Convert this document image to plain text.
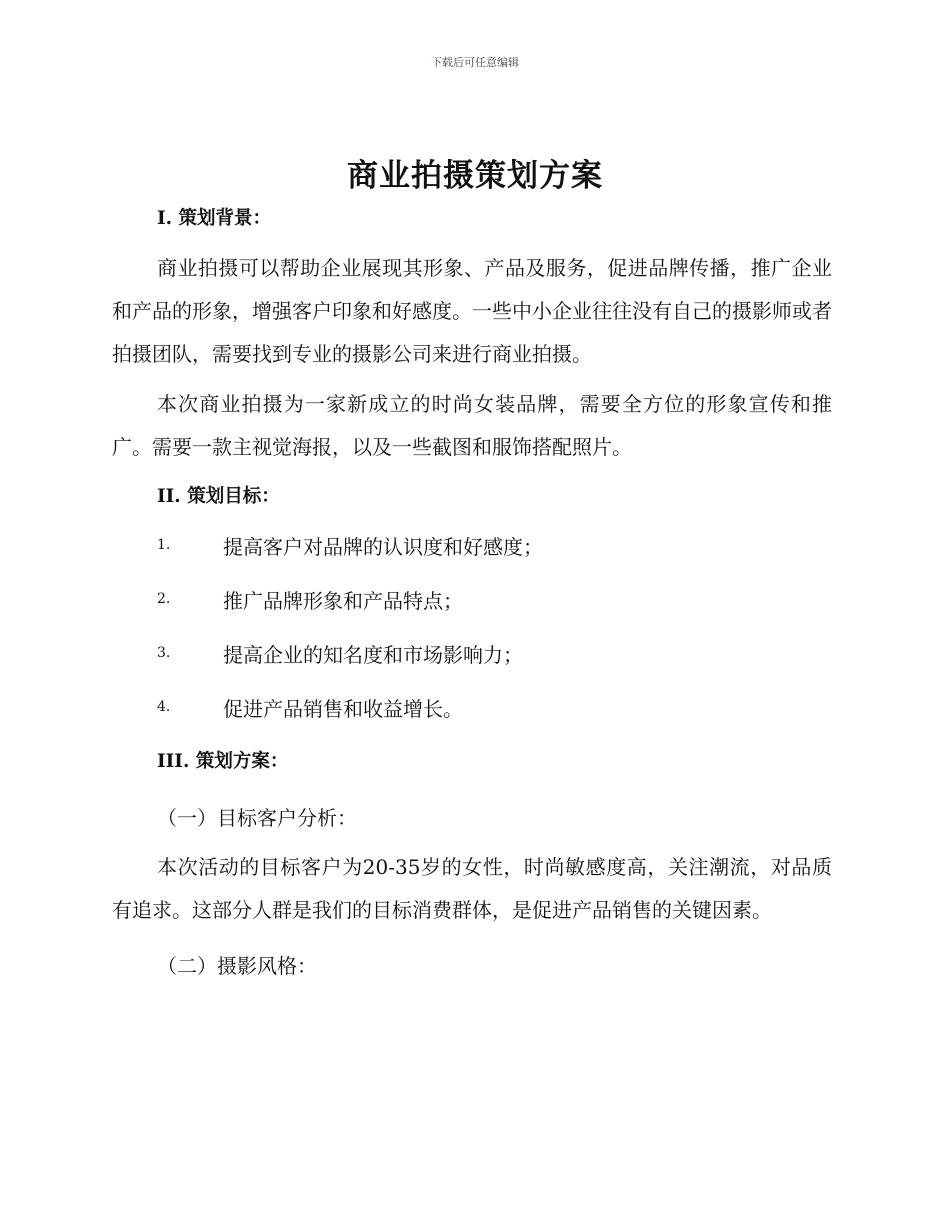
下载后可任意编辑
商业拍摄策划方案

I. 策划背景：

商业拍摄可以帮助企业展现其形象、产品及服务，促进品牌传播，推广企业和产品的形象，增强客户印象和好感度。一些中小企业往往没有自己的摄影师或者拍摄团队，需要找到专业的摄影公司来进行商业拍摄。

本次商业拍摄为一家新成立的时尚女装品牌，需要全方位的形象宣传和推广。需要一款主视觉海报，以及一些截图和服饰搭配照片。

II. 策划目标：

1.	提高客户对品牌的认识度和好感度；
2.	推广品牌形象和产品特点；
3.	提高企业的知名度和市场影响力；
4.	促进产品销售和收益增长。

III. 策划方案：

（一）目标客户分析：

本次活动的目标客户为20-35岁的女性，时尚敏感度高，关注潮流，对品质有追求。这部分人群是我们的目标消费群体，是促进产品销售的关键因素。

（二）摄影风格：
